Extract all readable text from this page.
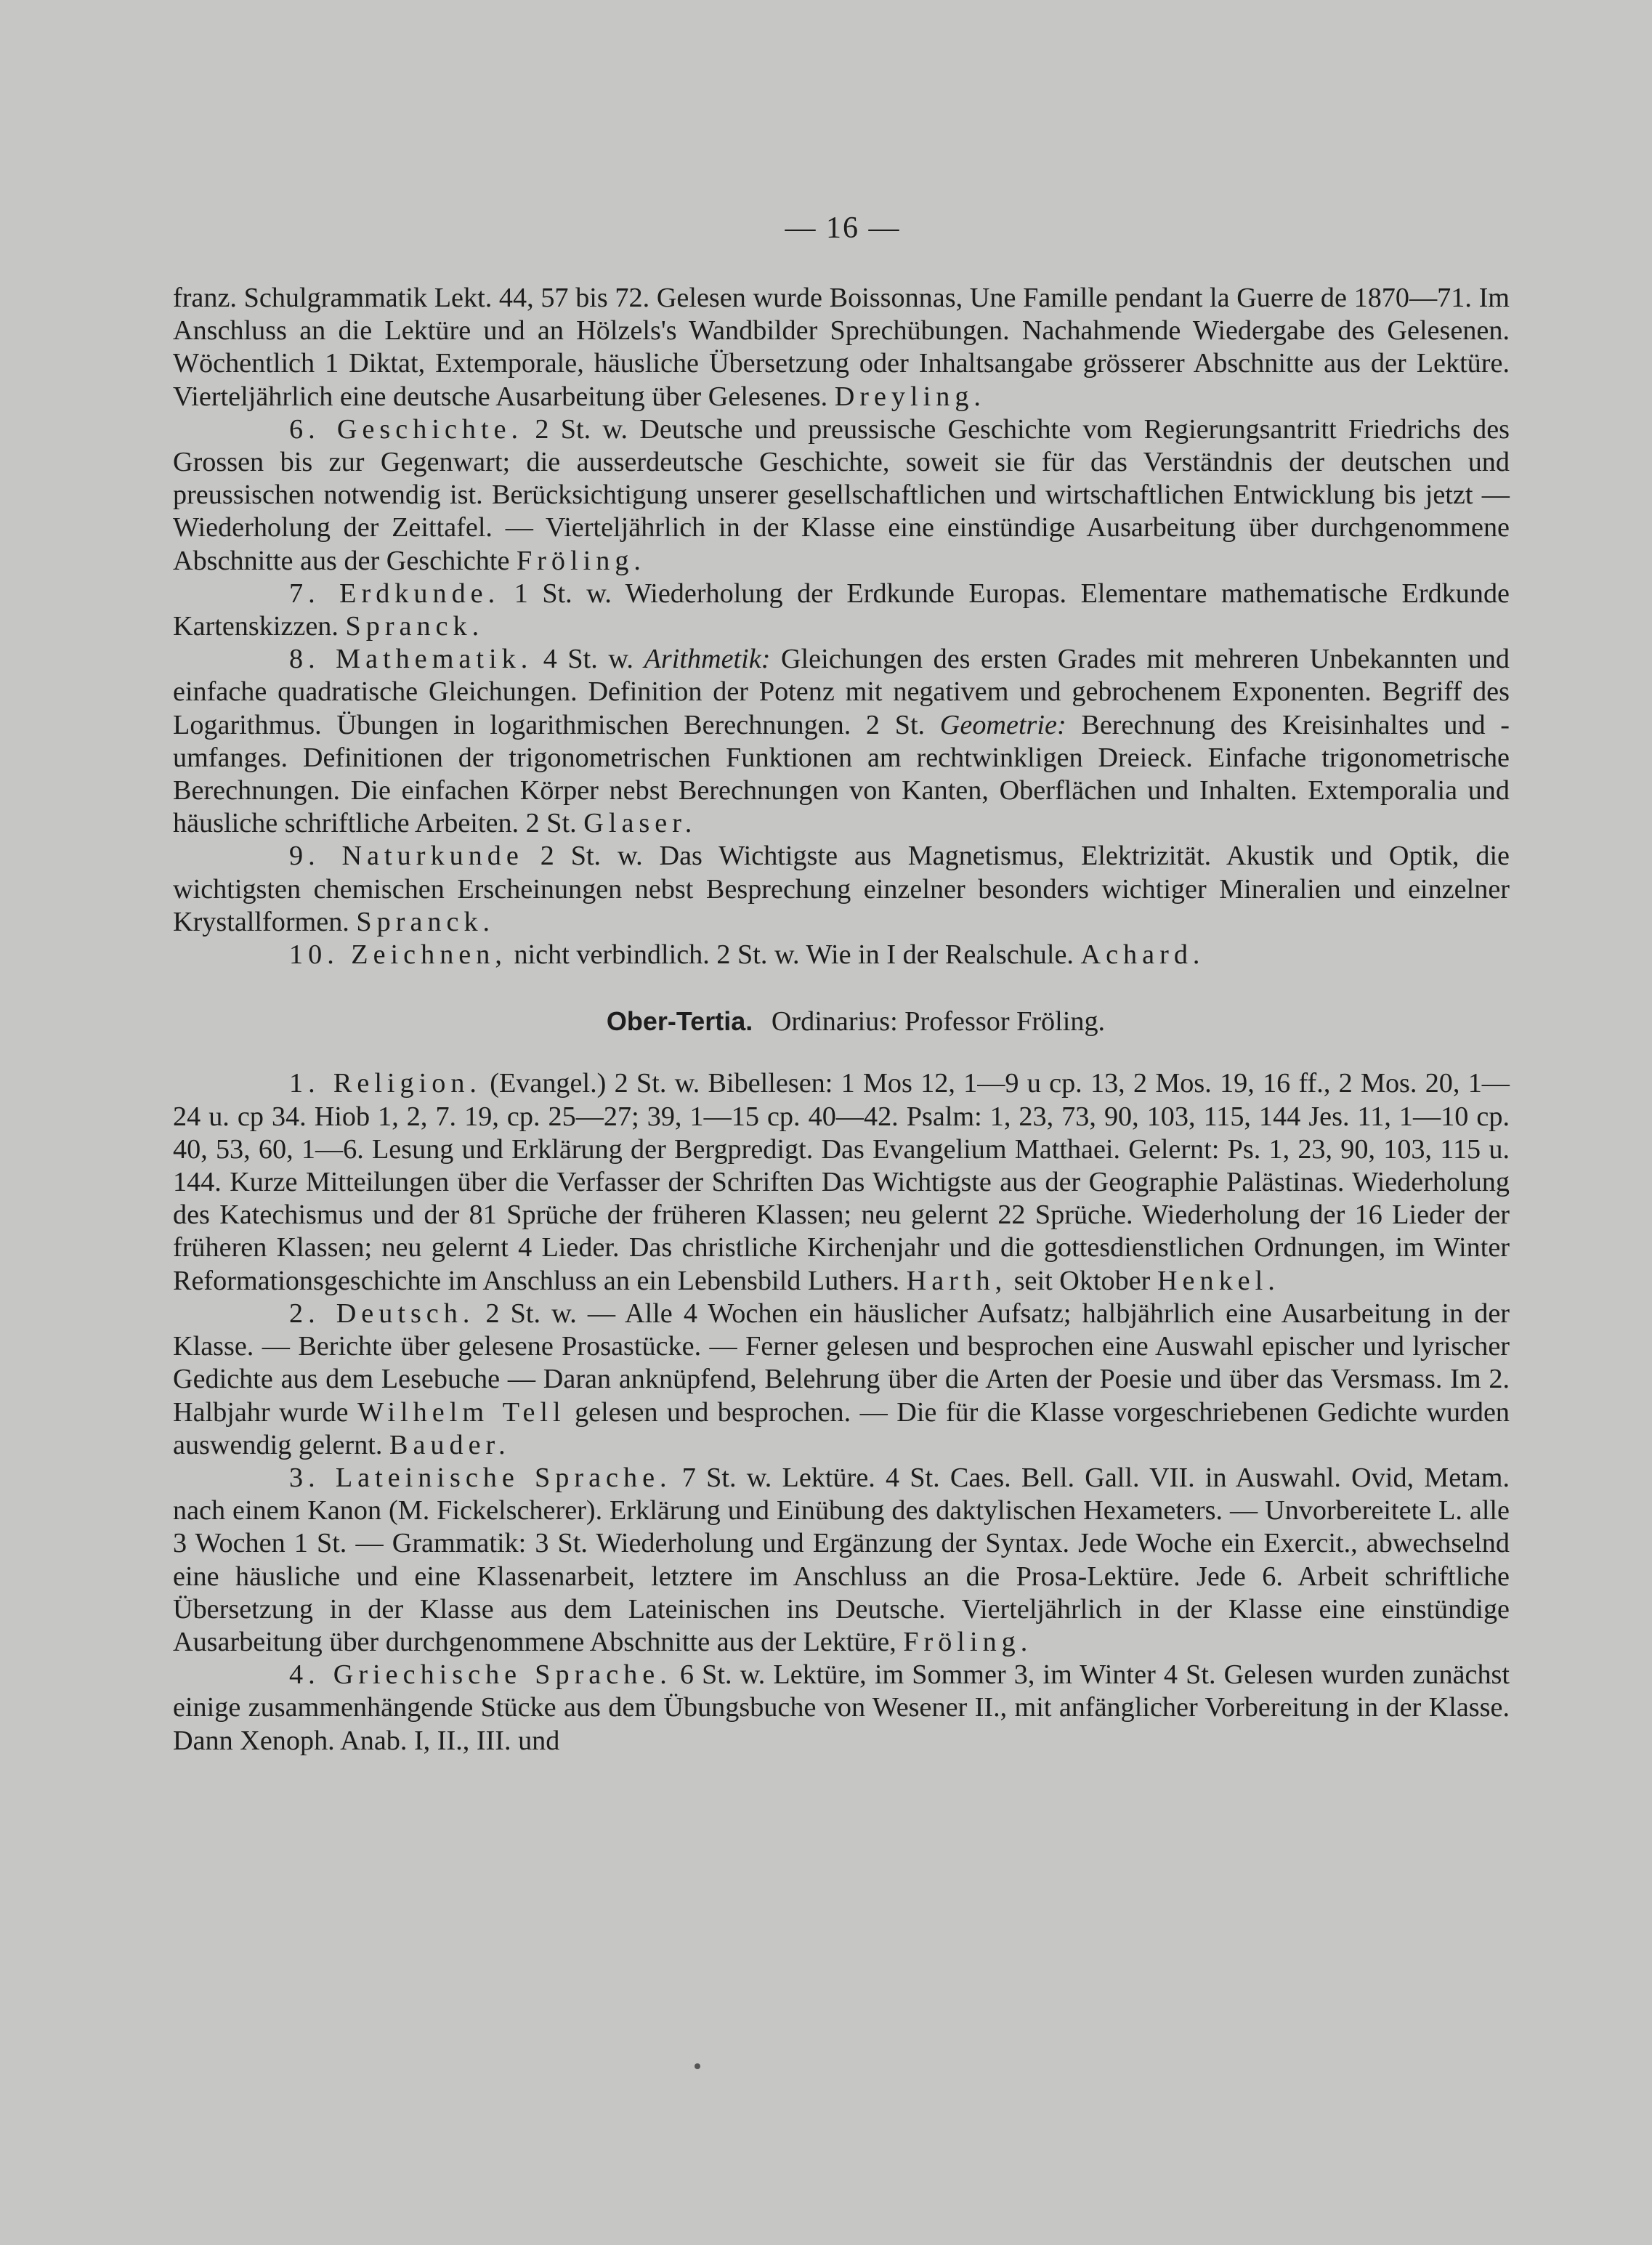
— 16 —

franz. Schulgrammatik Lekt. 44, 57 bis 72. Gelesen wurde Boissonnas, Une Famille pendant la Guerre de 1870—71. Im Anschluss an die Lektüre und an Hölzels's Wandbilder Sprechübungen. Nachahmende Wiedergabe des Gelesenen. Wöchentlich 1 Diktat, Extemporale, häusliche Übersetzung oder Inhaltsangabe grösserer Abschnitte aus der Lektüre. Vierteljährlich eine deutsche Ausarbeitung über Gelesenes. Dreyling.

6. Geschichte. 2 St. w. Deutsche und preussische Geschichte vom Regierungsantritt Friedrichs des Grossen bis zur Gegenwart; die ausserdeutsche Geschichte, soweit sie für das Verständnis der deutschen und preussischen notwendig ist. Berücksichtigung unserer gesellschaftlichen und wirtschaftlichen Entwicklung bis jetzt — Wiederholung der Zeittafel. — Vierteljährlich in der Klasse eine einstündige Ausarbeitung über durchgenommene Abschnitte aus der Geschichte Fröling.

7. Erdkunde. 1 St. w. Wiederholung der Erdkunde Europas. Elementare mathematische Erdkunde Kartenskizzen. Spranck.

8. Mathematik. 4 St. w. Arithmetik: Gleichungen des ersten Grades mit mehreren Unbekannten und einfache quadratische Gleichungen. Definition der Potenz mit negativem und gebrochenem Exponenten. Begriff des Logarithmus. Übungen in logarithmischen Berechnungen. 2 St. Geometrie: Berechnung des Kreisinhaltes und -umfanges. Definitionen der trigonometrischen Funktionen am rechtwinkligen Dreieck. Einfache trigonometrische Berechnungen. Die einfachen Körper nebst Berechnungen von Kanten, Oberflächen und Inhalten. Extemporalia und häusliche schriftliche Arbeiten. 2 St. Glaser.

9. Naturkunde 2 St. w. Das Wichtigste aus Magnetismus, Elektrizität. Akustik und Optik, die wichtigsten chemischen Erscheinungen nebst Besprechung einzelner besonders wichtiger Mineralien und einzelner Krystallformen. Spranck.

10. Zeichnen, nicht verbindlich. 2 St. w. Wie in I der Realschule. Achard.

Ober-Tertia. Ordinarius: Professor Fröling.

1. Religion. (Evangel.) 2 St. w. Bibellesen: 1 Mos 12, 1—9 u cp. 13, 2 Mos. 19, 16 ff., 2 Mos. 20, 1—24 u. cp 34. Hiob 1, 2, 7. 19, cp. 25—27; 39, 1—15 cp. 40—42. Psalm: 1, 23, 73, 90, 103, 115, 144 Jes. 11, 1—10 cp. 40, 53, 60, 1—6. Lesung und Erklärung der Bergpredigt. Das Evangelium Matthaei. Gelernt: Ps. 1, 23, 90, 103, 115 u. 144. Kurze Mitteilungen über die Verfasser der Schriften Das Wichtigste aus der Geographie Palästinas. Wiederholung des Katechismus und der 81 Sprüche der früheren Klassen; neu gelernt 22 Sprüche. Wiederholung der 16 Lieder der früheren Klassen; neu gelernt 4 Lieder. Das christliche Kirchenjahr und die gottesdienstlichen Ordnungen, im Winter Reformationsgeschichte im Anschluss an ein Lebensbild Luthers. Harth, seit Oktober Henkel.

2. Deutsch. 2 St. w. — Alle 4 Wochen ein häuslicher Aufsatz; halbjährlich eine Ausarbeitung in der Klasse. — Berichte über gelesene Prosastücke. — Ferner gelesen und besprochen eine Auswahl epischer und lyrischer Gedichte aus dem Lesebuche — Daran anknüpfend, Belehrung über die Arten der Poesie und über das Versmass. Im 2. Halbjahr wurde Wilhelm Tell gelesen und besprochen. — Die für die Klasse vorgeschriebenen Gedichte wurden auswendig gelernt. Bauder.

3. Lateinische Sprache. 7 St. w. Lektüre. 4 St. Caes. Bell. Gall. VII. in Auswahl. Ovid, Metam. nach einem Kanon (M. Fickelscherer). Erklärung und Einübung des daktylischen Hexameters. — Unvorbereitete L. alle 3 Wochen 1 St. — Grammatik: 3 St. Wiederholung und Ergänzung der Syntax. Jede Woche ein Exercit., abwechselnd eine häusliche und eine Klassenarbeit, letztere im Anschluss an die Prosa-Lektüre. Jede 6. Arbeit schriftliche Übersetzung in der Klasse aus dem Lateinischen ins Deutsche. Vierteljährlich in der Klasse eine einstündige Ausarbeitung über durchgenommene Abschnitte aus der Lektüre, Fröling.

4. Griechische Sprache. 6 St. w. Lektüre, im Sommer 3, im Winter 4 St. Gelesen wurden zunächst einige zusammenhängende Stücke aus dem Übungsbuche von Wesener II., mit anfänglicher Vorbereitung in der Klasse. Dann Xenoph. Anab. I, II., III. und
